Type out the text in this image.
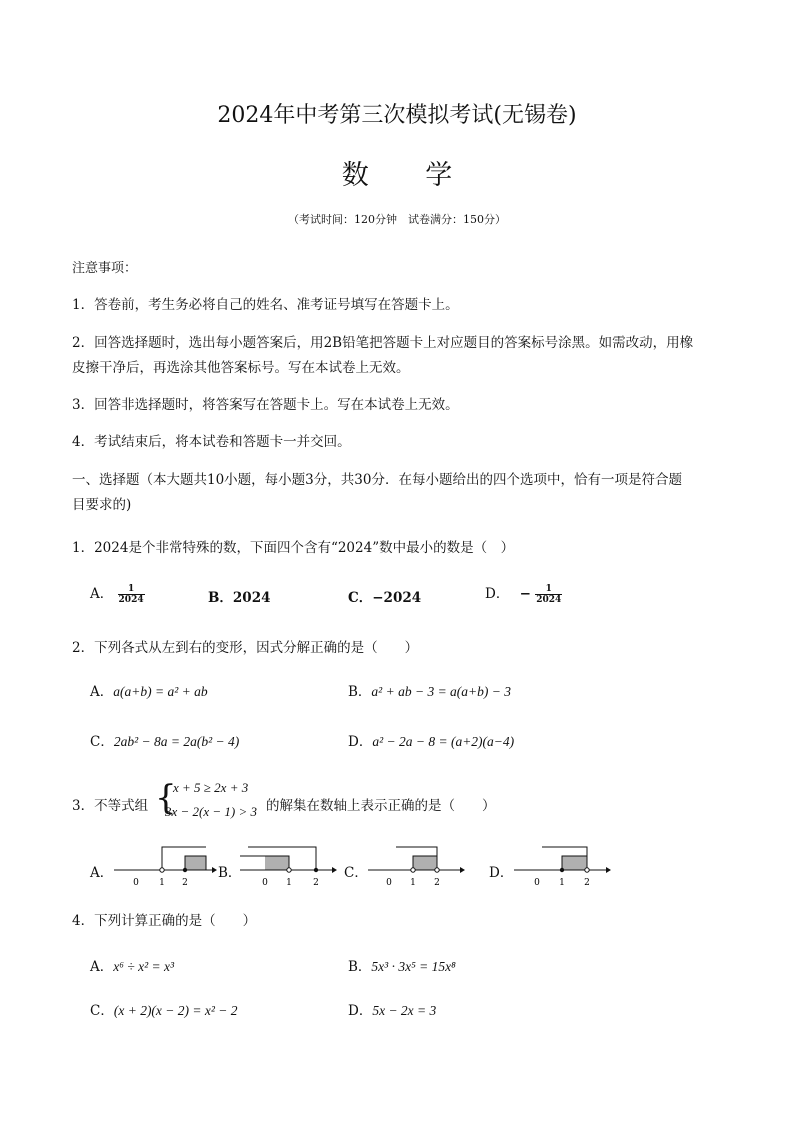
2024年中考第三次模拟考试(无锡卷)
数 学
（考试时间：120分钟　试卷满分：150分）
注意事项：
1．答卷前，考生务必将自己的姓名、准考证号填写在答题卡上。
2．回答选择题时，选出每小题答案后，用2B铅笔把答题卡上对应题目的答案标号涂黑。如需改动，用橡
皮擦干净后，再选涂其他答案标号。写在本试卷上无效。
3．回答非选择题时，将答案写在答题卡上。写在本试卷上无效。
4．考试结束后，将本试卷和答题卡一并交回。
一、选择题（本大题共10小题，每小题3分，共30分．在每小题给出的四个选项中，恰有一项是符合题
目要求的)
1．2024是个非常特殊的数，下面四个含有“2024”数中最小的数是（　）
A． $\frac{1}{2024}$	B．2024	C．−2024	D． − $\frac{1}{2024}$
2．下列各式从左到右的变形，因式分解正确的是（　　）
A．a(a+b) = a² + ab	B．a² + ab − 3 = a(a+b) − 3
C．2ab² − 8a = 2a(b² − 4)	D．a² − 2a − 8 = (a+2)(a−4)
3．不等式组 {
x + 5 ≥ 2x + 3
3x − 2(x − 1) > 3 的解集在数轴上表示正确的是（　　）
A．
0 1 2
B．
0 1 2
C．
0 1 2
D．
0 1 2
4．下列计算正确的是（　　）
A．x⁶ ÷ x² = x³	B．5x³ · 3x⁵ = 15x⁸
C．(x + 2)(x − 2) = x² − 2	D．5x − 2x = 3
